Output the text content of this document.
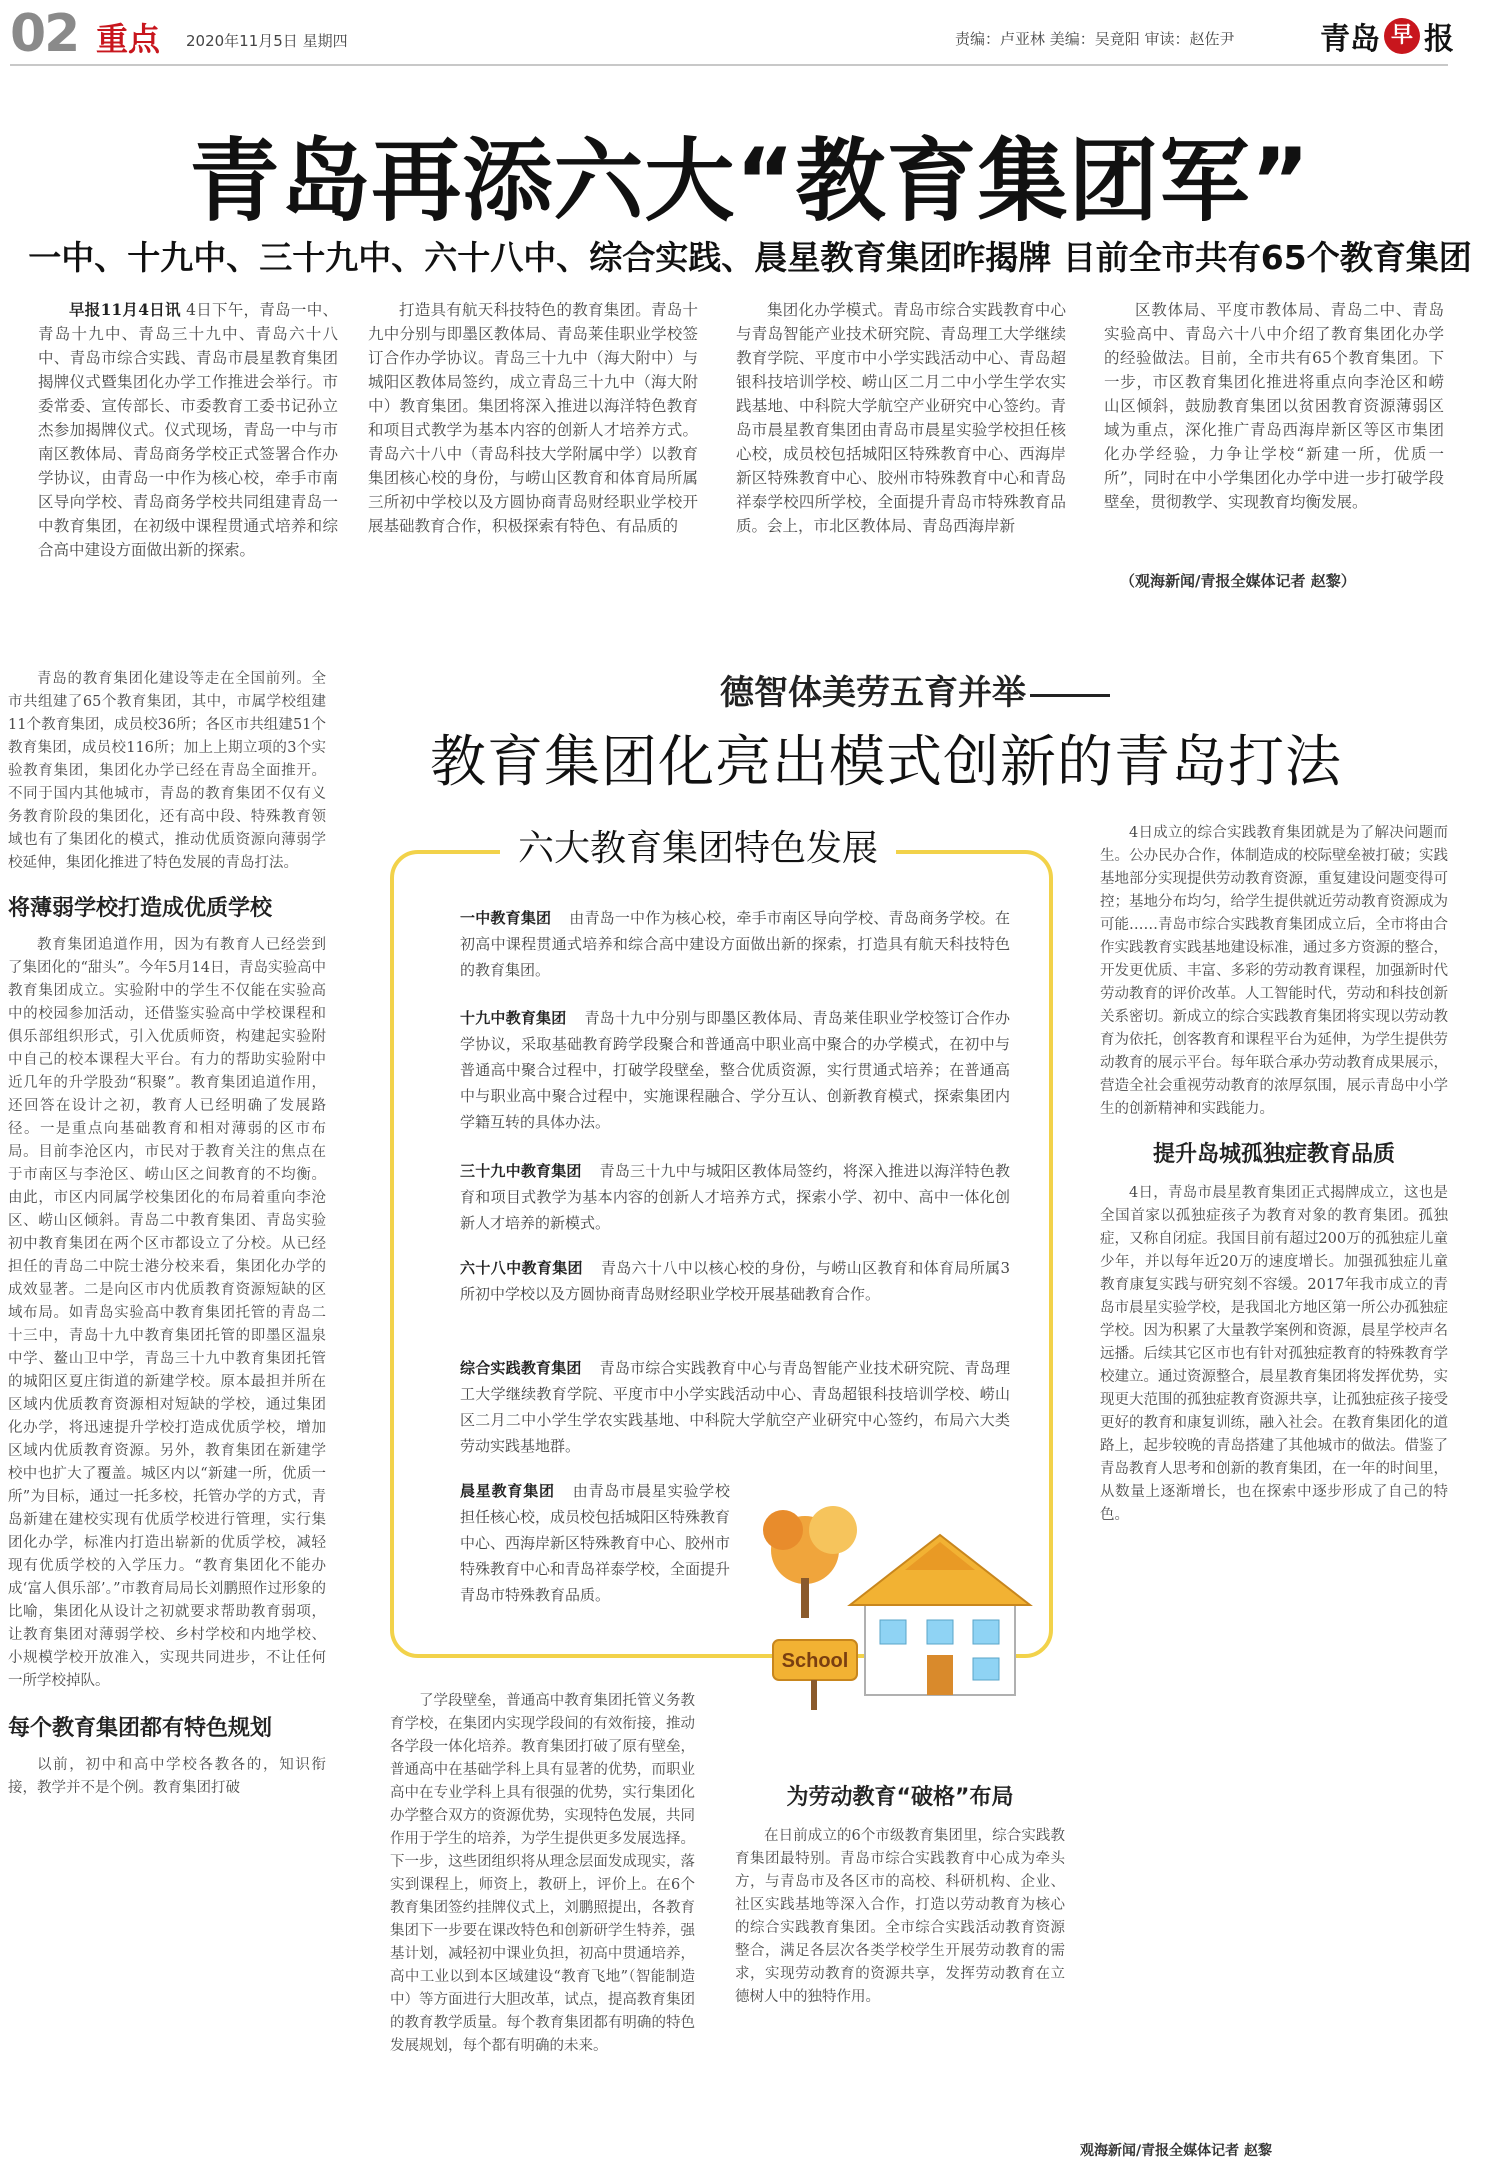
02 重点 2020年11月5日 星期四	责编：卢亚林 美编：吴竟阳 审读：赵佐尹	青岛 早 报
青岛再添六大“教育集团军”
一中、十九中、三十九中、六十八中、综合实践、晨星教育集团昨揭牌 目前全市共有65个教育集团

早报11月4日讯 4日下午，青岛一中、青岛十九中、青岛三十九中、青岛六十八中、青岛市综合实践、青岛市晨星教育集团揭牌仪式暨集团化办学工作推进会举行。市委常委、宣传部长、市委教育工委书记孙立杰参加揭牌仪式。仪式现场，青岛一中与市南区教体局、青岛商务学校正式签署合作办学协议，由青岛一中作为核心校，牵手市南区导向学校、青岛商务学校共同组建青岛一中教育集团，在初级中课程贯通式培养和综合高中建设方面做出新的探索。

打造具有航天科技特色的教育集团。青岛十九中分别与即墨区教体局、青岛莱佳职业学校签订合作办学协议。青岛三十九中（海大附中）与城阳区教体局签约，成立青岛三十九中（海大附中）教育集团。集团将深入推进以海洋特色教育和项目式教学为基本内容的创新人才培养方式。青岛六十八中（青岛科技大学附属中学）以教育集团核心校的身份，与崂山区教育和体育局所属三所初中学校以及方圆协商青岛财经职业学校开展基础教育合作，积极探索有特色、有品质的

集团化办学模式。青岛市综合实践教育中心与青岛智能产业技术研究院、青岛理工大学继续教育学院、平度市中小学实践活动中心、青岛超银科技培训学校、崂山区二月二中小学生学农实践基地、中科院大学航空产业研究中心签约。青岛市晨星教育集团由青岛市晨星实验学校担任核心校，成员校包括城阳区特殊教育中心、西海岸新区特殊教育中心、胶州市特殊教育中心和青岛祥泰学校四所学校，全面提升青岛市特殊教育品质。会上，市北区教体局、青岛西海岸新

区教体局、平度市教体局、青岛二中、青岛实验高中、青岛六十八中介绍了教育集团化办学的经验做法。目前，全市共有65个教育集团。下一步，市区教育集团化推进将重点向李沧区和崂山区倾斜，鼓励教育集团以贫困教育资源薄弱区域为重点，深化推广青岛西海岸新区等区市集团化办学经验，力争让学校“新建一所，优质一所”，同时在中小学集团化办学中进一步打破学段壁垒，贯彻教学、实现教育均衡发展。

（观海新闻/青报全媒体记者 赵黎）
德智体美劳五育并举
教育集团化亮出模式创新的青岛打法

青岛的教育集团化建设等走在全国前列。全市共组建了65个教育集团，其中，市属学校组建11个教育集团，成员校36所；各区市共组建51个教育集团，成员校116所；加上上期立项的3个实验教育集团，集团化办学已经在青岛全面推开。不同于国内其他城市，青岛的教育集团不仅有义务教育阶段的集团化，还有高中段、特殊教育领域也有了集团化的模式，推动优质资源向薄弱学校延伸，集团化推进了特色发展的青岛打法。

将薄弱学校打造成优质学校

教育集团追道作用，因为有教育人已经尝到了集团化的“甜头”。今年5月14日，青岛实验高中教育集团成立。实验附中的学生不仅能在实验高中的校园参加活动，还借鉴实验高中学校课程和俱乐部组织形式，引入优质师资，构建起实验附中自己的校本课程大平台。有力的帮助实验附中近几年的升学股劲“积聚”。教育集团追道作用，还回答在设计之初，教育人已经明确了发展路径。一是重点向基础教育和相对薄弱的区市布局。目前李沧区内，市民对于教育关注的焦点在于市南区与李沧区、崂山区之间教育的不均衡。由此，市区内同属学校集团化的布局着重向李沧区、崂山区倾斜。青岛二中教育集团、青岛实验初中教育集团在两个区市都设立了分校。从已经担任的青岛二中院士港分校来看，集团化办学的成效显著。二是向区市内优质教育资源短缺的区域布局。如青岛实验高中教育集团托管的青岛二十三中，青岛十九中教育集团托管的即墨区温泉中学、鳌山卫中学，青岛三十九中教育集团托管的城阳区夏庄街道的新建学校。原本最担并所在区域内优质教育资源相对短缺的学校，通过集团化办学，将迅速提升学校打造成优质学校，增加区域内优质教育资源。另外，教育集团在新建学校中也扩大了覆盖。城区内以“新建一所，优质一所”为目标，通过一托多校，托管办学的方式，青岛新建在建校实现有优质学校进行管理，实行集团化办学，标准内打造出崭新的优质学校，减轻现有优质学校的入学压力。“教育集团化不能办成‘富人俱乐部’。”市教育局局长刘鹏照作过形象的比喻，集团化从设计之初就要求帮助教育弱项，让教育集团对薄弱学校、乡村学校和内地学校、小规模学校开放准入，实现共同进步，不让任何一所学校掉队。

每个教育集团都有特色规划

以前，初中和高中学校各教各的，知识衔接，教学并不是个例。教育集团打破

六大教育集团特色发展
一中教育集团 由青岛一中作为核心校，牵手市南区导向学校、青岛商务学校。在初高中课程贯通式培养和综合高中建设方面做出新的探索，打造具有航天科技特色的教育集团。
十九中教育集团 青岛十九中分别与即墨区教体局、青岛莱佳职业学校签订合作办学协议，采取基础教育跨学段聚合和普通高中职业高中聚合的办学模式，在初中与普通高中聚合过程中，打破学段壁垒，整合优质资源，实行贯通式培养；在普通高中与职业高中聚合过程中，实施课程融合、学分互认、创新教育模式，探索集团内学籍互转的具体办法。
三十九中教育集团 青岛三十九中与城阳区教体局签约，将深入推进以海洋特色教育和项目式教学为基本内容的创新人才培养方式，探索小学、初中、高中一体化创新人才培养的新模式。
六十八中教育集团 青岛六十八中以核心校的身份，与崂山区教育和体育局所属3所初中学校以及方圆协商青岛财经职业学校开展基础教育合作。
综合实践教育集团 青岛市综合实践教育中心与青岛智能产业技术研究院、青岛理工大学继续教育学院、平度市中小学实践活动中心、青岛超银科技培训学校、崂山区二月二中小学生学农实践基地、中科院大学航空产业研究中心签约，布局六大类劳动实践基地群。
晨星教育集团 由青岛市晨星实验学校担任核心校，成员校包括城阳区特殊教育中心、西海岸新区特殊教育中心、胶州市特殊教育中心和青岛祥泰学校，全面提升青岛市特殊教育品质。
School

了学段壁垒，普通高中教育集团托管义务教育学校，在集团内实现学段间的有效衔接，推动各学段一体化培养。教育集团打破了原有壁垒，普通高中在基础学科上具有显著的优势，而职业高中在专业学科上具有很强的优势，实行集团化办学整合双方的资源优势，实现特色发展，共同作用于学生的培养，为学生提供更多发展选择。下一步，这些团组织将从理念层面发成现实，落实到课程上，师资上，教研上，评价上。在6个教育集团签约挂牌仪式上，刘鹏照提出，各教育集团下一步要在课改特色和创新研学生特养，强基计划，减轻初中课业负担，初高中贯通培养，高中工业以到本区域建设“教育飞地”（智能制造中）等方面进行大胆改革，试点，提高教育集团的教育教学质量。每个教育集团都有明确的特色发展规划，每个都有明确的未来。

为劳动教育“破格”布局

在日前成立的6个市级教育集团里，综合实践教育集团最特别。青岛市综合实践教育中心成为牵头方，与青岛市及各区市的高校、科研机构、企业、社区实践基地等深入合作，打造以劳动教育为核心的综合实践教育集团。全市综合实践活动教育资源整合，满足各层次各类学校学生开展劳动教育的需求，实现劳动教育的资源共享，发挥劳动教育在立德树人中的独特作用。

4日成立的综合实践教育集团就是为了解决问题而生。公办民办合作，体制造成的校际壁垒被打破；实践基地部分实现提供劳动教育资源，重复建设问题变得可控；基地分布均匀，给学生提供就近劳动教育资源成为可能……青岛市综合实践教育集团成立后，全市将由合作实践教育实践基地建设标准，通过多方资源的整合，开发更优质、丰富、多彩的劳动教育课程，加强新时代劳动教育的评价改革。人工智能时代，劳动和科技创新关系密切。新成立的综合实践教育集团将实现以劳动教育为依托，创客教育和课程平台为延伸，为学生提供劳动教育的展示平台。每年联合承办劳动教育成果展示，营造全社会重视劳动教育的浓厚氛围，展示青岛中小学生的创新精神和实践能力。

提升岛城孤独症教育品质

4日，青岛市晨星教育集团正式揭牌成立，这也是全国首家以孤独症孩子为教育对象的教育集团。孤独症，又称自闭症。我国目前有超过200万的孤独症儿童少年，并以每年近20万的速度增长。加强孤独症儿童教育康复实践与研究刻不容缓。2017年我市成立的青岛市晨星实验学校，是我国北方地区第一所公办孤独症学校。因为积累了大量教学案例和资源，晨星学校声名远播。后续其它区市也有针对孤独症教育的特殊教育学校建立。通过资源整合，晨星教育集团将发挥优势，实现更大范围的孤独症教育资源共享，让孤独症孩子接受更好的教育和康复训练，融入社会。在教育集团化的道路上，起步较晚的青岛搭建了其他城市的做法。借鉴了青岛教育人思考和创新的教育集团，在一年的时间里，从数量上逐渐增长，也在探索中逐步形成了自己的特色。

观海新闻/青报全媒体记者 赵黎
